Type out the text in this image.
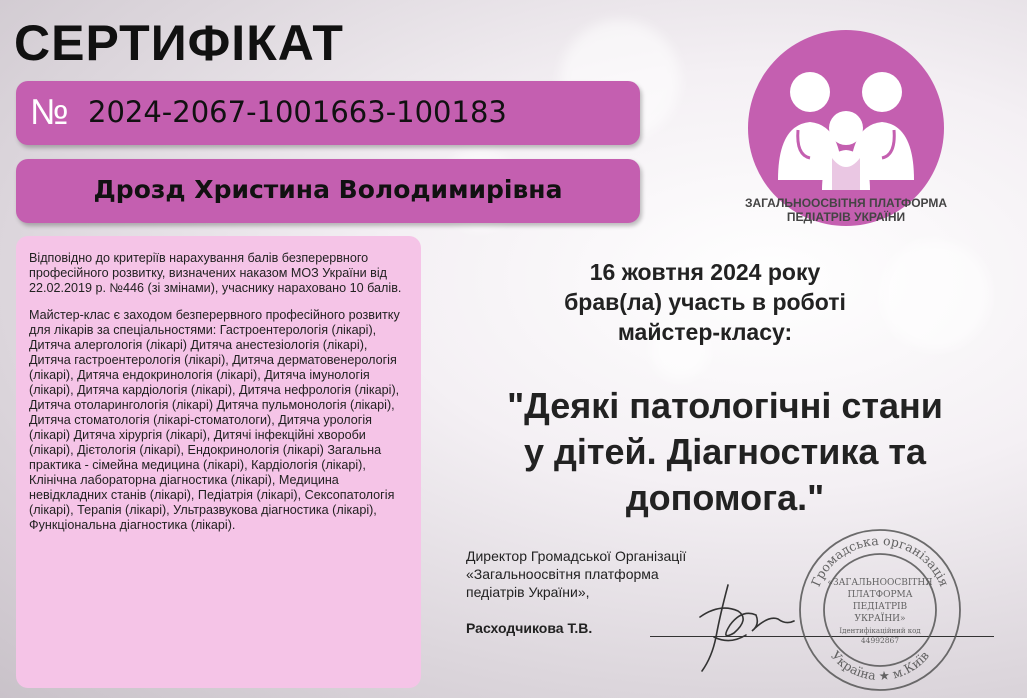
СЕРТИФІКАТ
№ 2024-2067-1001663-100183
Дрозд Христина Володимирівна

Відповідно до критеріїв нарахування балів безперервного професійного розвитку, визначених наказом МОЗ України від 22.02.2019 р. №446 (зі змінами), учаснику нараховано 10 балів.

Майстер-клас є заходом безперервного професійного розвитку для лікарів за спеціальностями: Гастроентерологія (лікарі), Дитяча алергологія (лікарі) Дитяча анестезіологія (лікарі), Дитяча гастроентерологія (лікарі), Дитяча дерматовенерологія (лікарі), Дитяча ендокринологія (лікарі), Дитяча імунологія (лікарі), Дитяча кардіологія (лікарі), Дитяча нефрологія (лікарі), Дитяча отоларингологія (лікарі) Дитяча пульмонологія (лікарі), Дитяча стоматологія (лікарі-стоматологи), Дитяча урологія (лікарі) Дитяча хірургія (лікарі), Дитячі інфекційні хвороби (лікарі), Дієтологія (лікарі), Ендокринологія (лікарі) Загальна практика - сімейна медицина (лікарі), Кардіологія (лікарі), Клінічна лабораторна діагностика (лікарі), Медицина невідкладних станів (лікарі), Педіатрія (лікарі), Сексопатологія (лікарі), Терапія (лікарі), Ультразвукова діагностика (лікарі), Функціональна діагностика (лікарі).

ЗАГАЛЬНООСВІТНЯ ПЛАТФОРМА
ПЕДІАТРІВ УКРАЇНИ
16 жовтня 2024 року
брав(ла) участь в роботі
майстер-класу:
"Деякі патологічні стани
у дітей. Діагностика та
допомога."
Директор Громадської Організації
«Загальноосвітня платформа
педіатрів України»,
Расходчикова Т.В.
Громадська організація
Україна ★ м.Київ
«ЗАГАЛЬНООСВІТНЯ
ПЛАТФОРМА
ПЕДІАТРІВ
УКРАЇНИ»
Ідентифікаційний код
44992867
